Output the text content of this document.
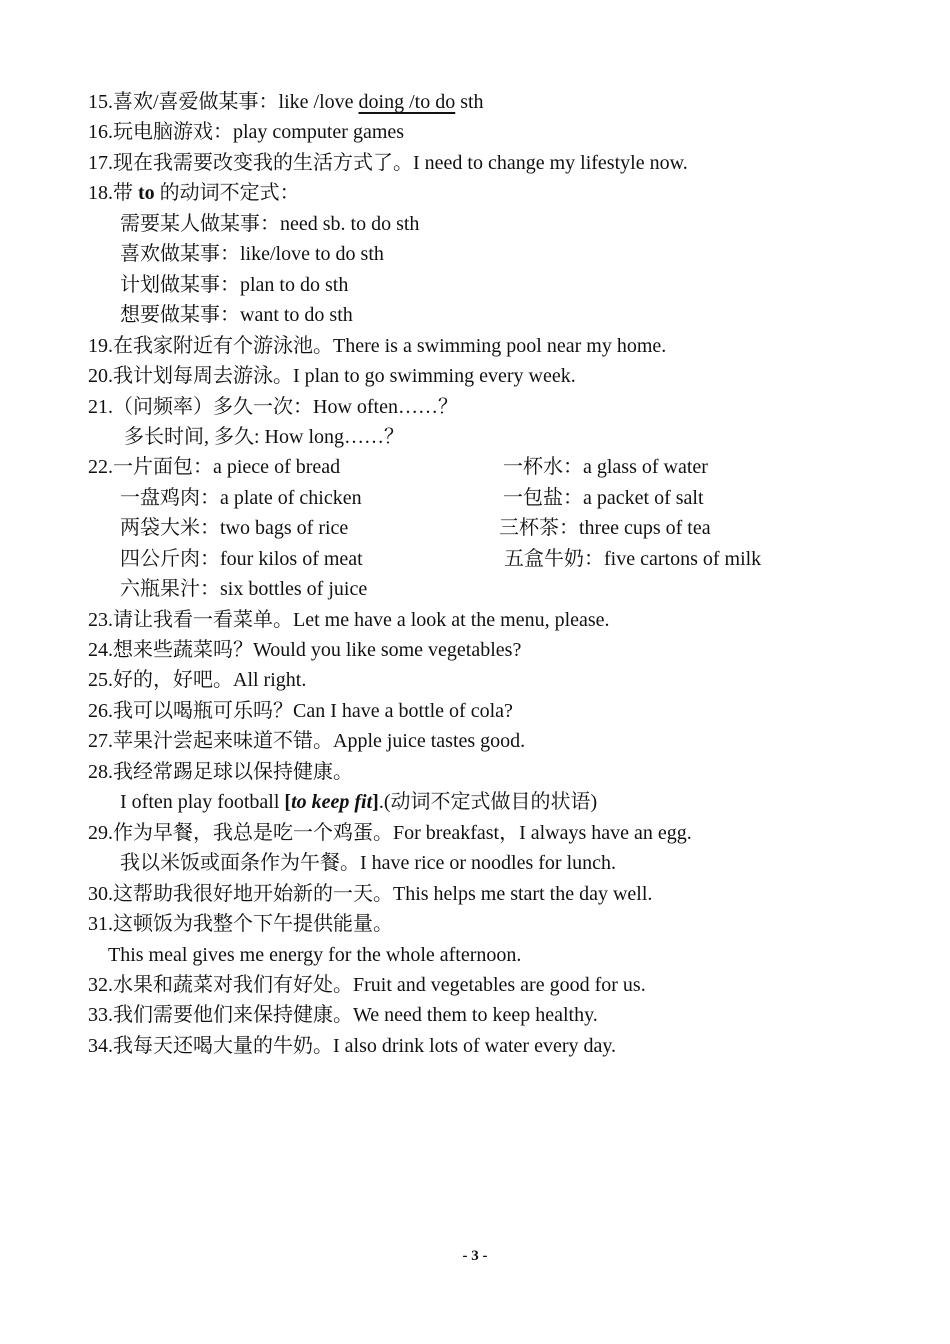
15.喜欢/喜爱做某事：like /love doing /to do sth
16.玩电脑游戏：play computer games
17.现在我需要改变我的生活方式了。I need to change my lifestyle now.
18.带 to 的动词不定式：
需要某人做某事：need sb. to do sth
喜欢做某事：like/love to do sth
计划做某事：plan to do sth
想要做某事：want to do sth
19.在我家附近有个游泳池。There is a swimming pool near my home.
20.我计划每周去游泳。I plan to go swimming every week.
21.（问频率）多久一次：How often……？
多长时间, 多久: How long……？
22.一片面包：a piece of bread	一杯水：a glass of water
一盘鸡肉：a plate of chicken	一包盐：a packet of salt
两袋大米：two bags of rice	三杯茶：three cups of tea
四公斤肉：four kilos of meat	五盒牛奶：five cartons of milk
六瓶果汁：six bottles of juice
23.请让我看一看菜单。Let me have a look at the menu, please.
24.想来些蔬菜吗？Would you like some vegetables?
25.好的，好吧。All right.
26.我可以喝瓶可乐吗？Can I have a bottle of cola?
27.苹果汁尝起来味道不错。Apple juice tastes good.
28.我经常踢足球以保持健康。
I often play football [to keep fit].(动词不定式做目的状语)
29.作为早餐，我总是吃一个鸡蛋。For breakfast，I always have an egg.
我以米饭或面条作为午餐。I have rice or noodles for lunch.
30.这帮助我很好地开始新的一天。This helps me start the day well.
31.这顿饭为我整个下午提供能量。
This meal gives me energy for the whole afternoon.
32.水果和蔬菜对我们有好处。Fruit and vegetables are good for us.
33.我们需要他们来保持健康。We need them to keep healthy.
34.我每天还喝大量的牛奶。I also drink lots of water every day.
- 3 -
